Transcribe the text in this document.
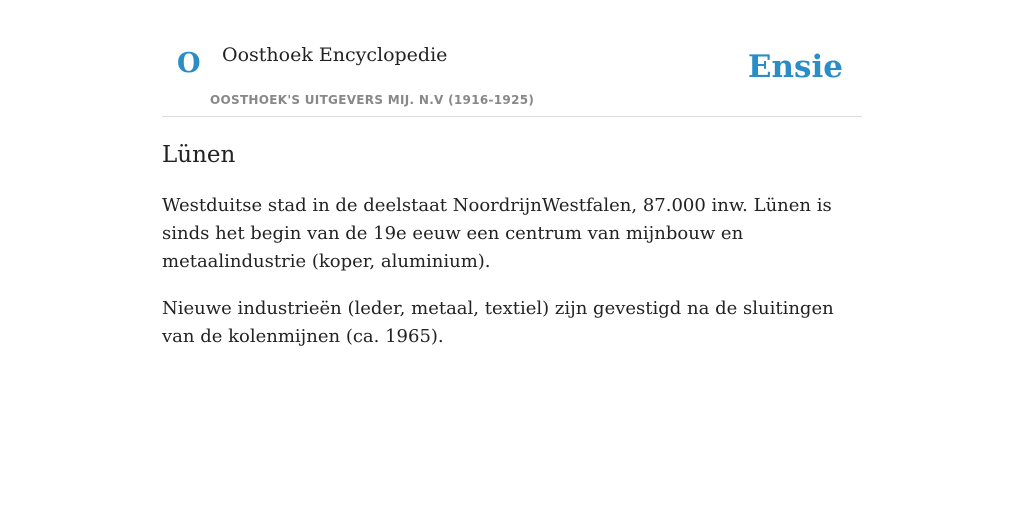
O Oosthoek Encyclopedie
OOSTHOEK'S UITGEVERS MIJ. N.V (1916-1925)
Ensie
Lünen

Westduitse stad in de deelstaat NoordrijnWestfalen, 87.000 inw. Lünen is sinds het begin van de 19e eeuw een centrum van mijnbouw en metaalindustrie (koper, aluminium).

Nieuwe industrieën (leder, metaal, textiel) zijn gevestigd na de sluitingen van de kolenmijnen (ca. 1965).
